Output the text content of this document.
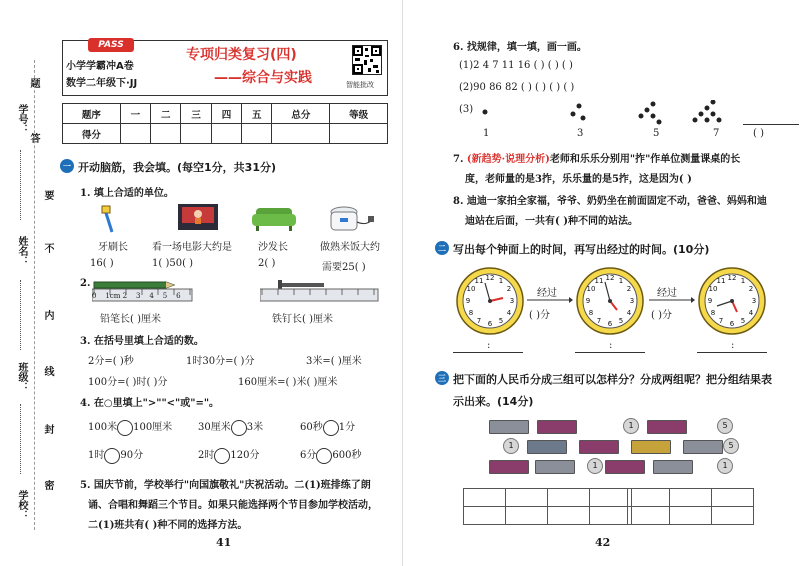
题
答
学号：
要
姓名： 不
内
班级： 线
封
学校：
密
PASS
小学学霸冲A卷
数学二年级下·JJ
专项归类复习(四)
——综合与实践	智能批改
题序	一	二	三	四	五	总分	等级
得分							
一 开动脑筋，我会填。(每空1分，共31分)
1. 填上合适的单位。
牙刷长 看一场电影大约是	沙发长	做熟米饭大约
16( )	1( )50( )	2( )	需要25( )
2.
0 1cm 2 3 4 5 6
铅笔长( )厘米	铁钉长( )厘米
3. 在括号里填上合适的数。
2分=( )秒	1时30分=( )分	3米=( )厘米
100分=( )时( )分	160厘米=( )米( )厘米
4. 在○里填上">""<"或"="。
100米 100厘米	30厘米 3米	60秒 1分
1时 90分	2时 120分	6分 600秒
5. 国庆节前，学校举行"向国旗敬礼"庆祝活动。二(1)班排练了朗
诵、合唱和舞蹈三个节目。如果只能选择两个节目参加学校活动，
二(1)班共有( )种不同的选择方法。
41
6. 找规律，填一填，画一画。
(1)2 4 7 11 16 ( ) ( ) ( )
(2)90 86 82 ( ) ( ) ( ) ( )
(3)
1	3	5	7	( )
7. (新趋势·说理分析)老师和乐乐分别用"拃"作单位测量课桌的长
度，老师量的是3拃，乐乐量的是5拃，这是因为( )
8. 迪迪一家拍全家福，爷爷、奶奶坐在前面固定不动，爸爸、妈妈和迪
迪站在后面，一共有( )种不同的站法。
二 写出每个钟面上的时间，再写出经过的时间。(10分)
12 1
2
3
4
5
6
7
8
9
10
11	12 1
2
3
4
5
6
7
8
9
10
11	12 1
2
3
4
5
6
7
8
9
10
11
经过
( )分
经过
( )分
:	:	:
三 把下面的人民币分成三组可以怎样分？分成两组呢？把分组结果表
示出来。(14分)
1	5
1	5
1	1

42
